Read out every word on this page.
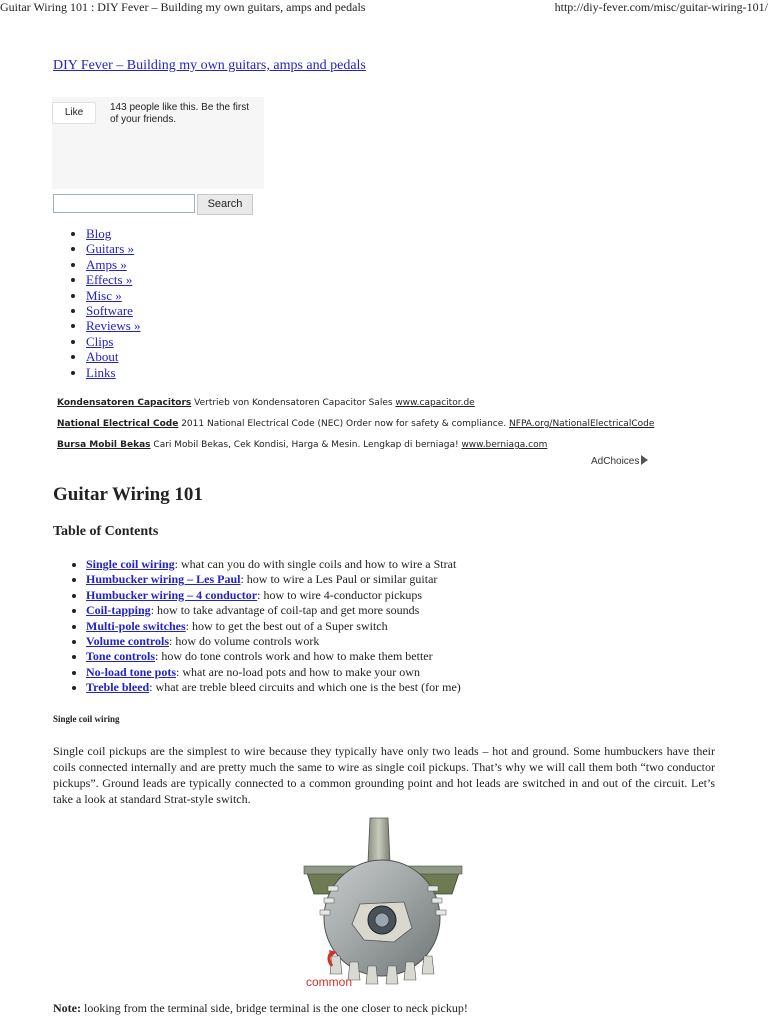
Guitar Wiring 101 : DIY Fever – Building my own guitars, amps and pedals	http://diy-fever.com/misc/guitar-wiring-101/
DIY Fever – Building my own guitars, amps and pedals
Like	143 people like this. Be the first of your friends.
Search
• Blog
• Guitars »
• Amps »
• Effects »
• Misc »
• Software
• Reviews »
• Clips
• About
• Links
Kondensatoren Capacitors Vertrieb von Kondensatoren Capacitor Sales www.capacitor.de
National Electrical Code 2011 National Electrical Code (NEC) Order now for safety & compliance. NFPA.org/NationalElectricalCode
Bursa Mobil Bekas Cari Mobil Bekas, Cek Kondisi, Harga & Mesin. Lengkap di berniaga! www.berniaga.com
AdChoices
Guitar Wiring 101
Table of Contents
• Single coil wiring: what can you do with single coils and how to wire a Strat
• Humbucker wiring – Les Paul: how to wire a Les Paul or similar guitar
• Humbucker wiring – 4 conductor: how to wire 4-conductor pickups
• Coil-tapping: how to take advantage of coil-tap and get more sounds
• Multi-pole switches: how to get the best out of a Super switch
• Volume controls: how do volume controls work
• Tone controls: how do tone controls work and how to make them better
• No-load tone pots: what are no-load pots and how to make your own
• Treble bleed: what are treble bleed circuits and which one is the best (for me)
Single coil wiring

Single coil pickups are the simplest to wire because they typically have only two leads – hot and ground. Some humbuckers have their coils connected internally and are pretty much the same to wire as single coil pickups. That’s why we will call them both “two conductor pickups”. Ground leads are typically connected to a common grounding point and hot leads are switched in and out of the circuit. Let’s take a look at standard Strat-style switch.

common
Note: looking from the terminal side, bridge terminal is the one closer to neck pickup!
